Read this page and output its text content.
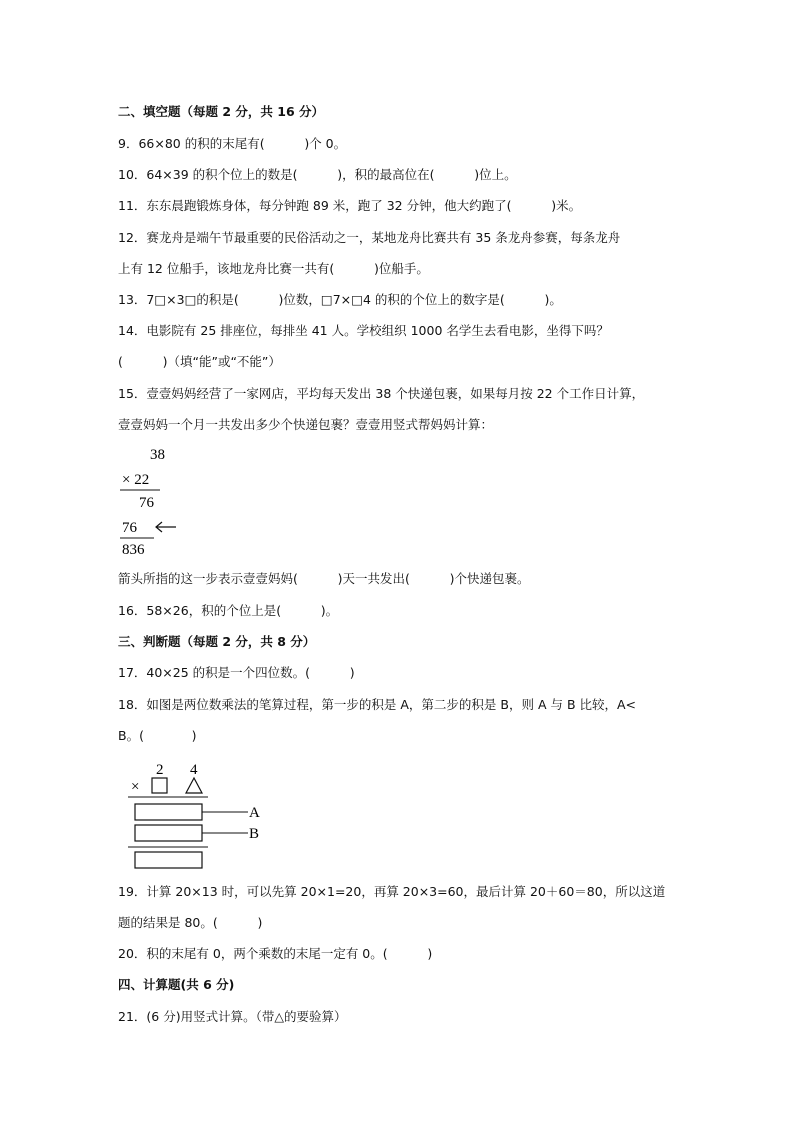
二、填空题（每题 2 分，共 16 分）
9．66×80 的积的末尾有(          )个 0。
10．64×39 的积个位上的数是(          )，积的最高位在(          )位上。
11．东东晨跑锻炼身体，每分钟跑 89 米，跑了 32 分钟，他大约跑了(          )米。
12．赛龙舟是端午节最重要的民俗活动之一，某地龙舟比赛共有 35 条龙舟参赛，每条龙舟
上有 12 位船手，该地龙舟比赛一共有(          )位船手。
13．7□×3□的积是(          )位数，□7×□4 的积的个位上的数字是(          )。
14．电影院有 25 排座位，每排坐 41 人。学校组织 1000 名学生去看电影，坐得下吗？
(          )（填“能”或“不能”）
15．壹壹妈妈经营了一家网店，平均每天发出 38 个快递包裹，如果每月按 22 个工作日计算，
壹壹妈妈一个月一共发出多少个快递包裹？壹壹用竖式帮妈妈计算：
38
× 22
76
76
836
箭头所指的这一步表示壹壹妈妈(          )天一共发出(          )个快递包裹。
16．58×26，积的个位上是(          )。
三、判断题（每题 2 分，共 8 分）
17．40×25 的积是一个四位数。(          )
18．如图是两位数乘法的笔算过程，第一步的积是 A，第二步的积是 B，则 A 与 B 比较，A<
B。(            )
2 4
×
A
B
19．计算 20×13 时，可以先算 20×1=20，再算 20×3=60，最后计算 20＋60＝80，所以这道
题的结果是 80。(          )
20．积的末尾有 0，两个乘数的末尾一定有 0。(          )
四、计算题(共 6 分)
21．(6 分)用竖式计算。（带△的要验算）
